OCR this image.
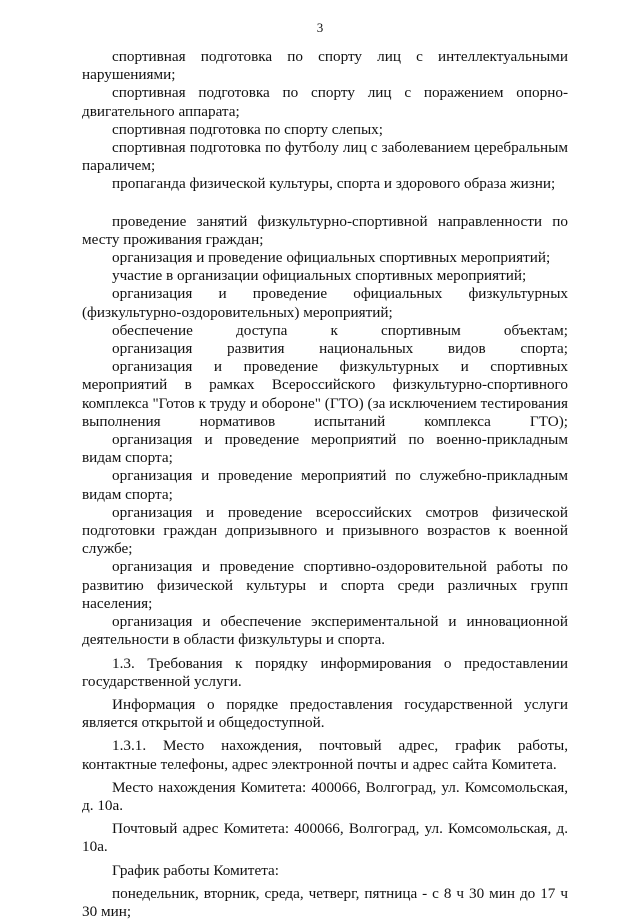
3

спортивная подготовка по спорту лиц с интеллектуальными нарушениями;

спортивная подготовка по спорту лиц с поражением опорно-двигательного аппарата;

спортивная подготовка по спорту слепых;

спортивная подготовка по футболу лиц с заболеванием церебральным параличем;

пропаганда физической культуры, спорта и здорового образа жизни;

проведение занятий физкультурно-спортивной направленности по месту проживания граждан;

организация и проведение официальных спортивных мероприятий;

участие в организации официальных спортивных мероприятий;

организация и проведение официальных физкультурных (физкультурно-оздоровительных) мероприятий;

обеспечение доступа к спортивным объектам;

организация развития национальных видов спорта;

организация и проведение физкультурных и спортивных мероприятий в рамках Всероссийского физкультурно-спортивного комплекса "Готов к труду и обороне" (ГТО) (за исключением тестирования выполнения нормативов испытаний комплекса ГТО);

организация и проведение мероприятий по военно-прикладным видам спорта;

организация и проведение мероприятий по служебно-прикладным видам спорта;

организация и проведение всероссийских смотров физической подготовки граждан допризывного и призывного возрастов к военной службе;

организация и проведение спортивно-оздоровительной работы по развитию физической культуры и спорта среди различных групп населения;

организация и обеспечение экспериментальной и инновационной деятельности в области физкультуры и спорта.

1.3. Требования к порядку информирования о предоставлении государственной услуги.

Информация о порядке предоставления государственной услуги является открытой и общедоступной.

1.3.1. Место нахождения, почтовый адрес, график работы, контактные телефоны, адрес электронной почты и адрес сайта Комитета.

Место нахождения Комитета: 400066, Волгоград, ул. Комсомольская, д. 10а.

Почтовый адрес Комитета: 400066, Волгоград, ул. Комсомольская, д. 10а.

График работы Комитета:

понедельник, вторник, среда, четверг, пятница - с 8 ч 30 мин до 17 ч 30 мин;
